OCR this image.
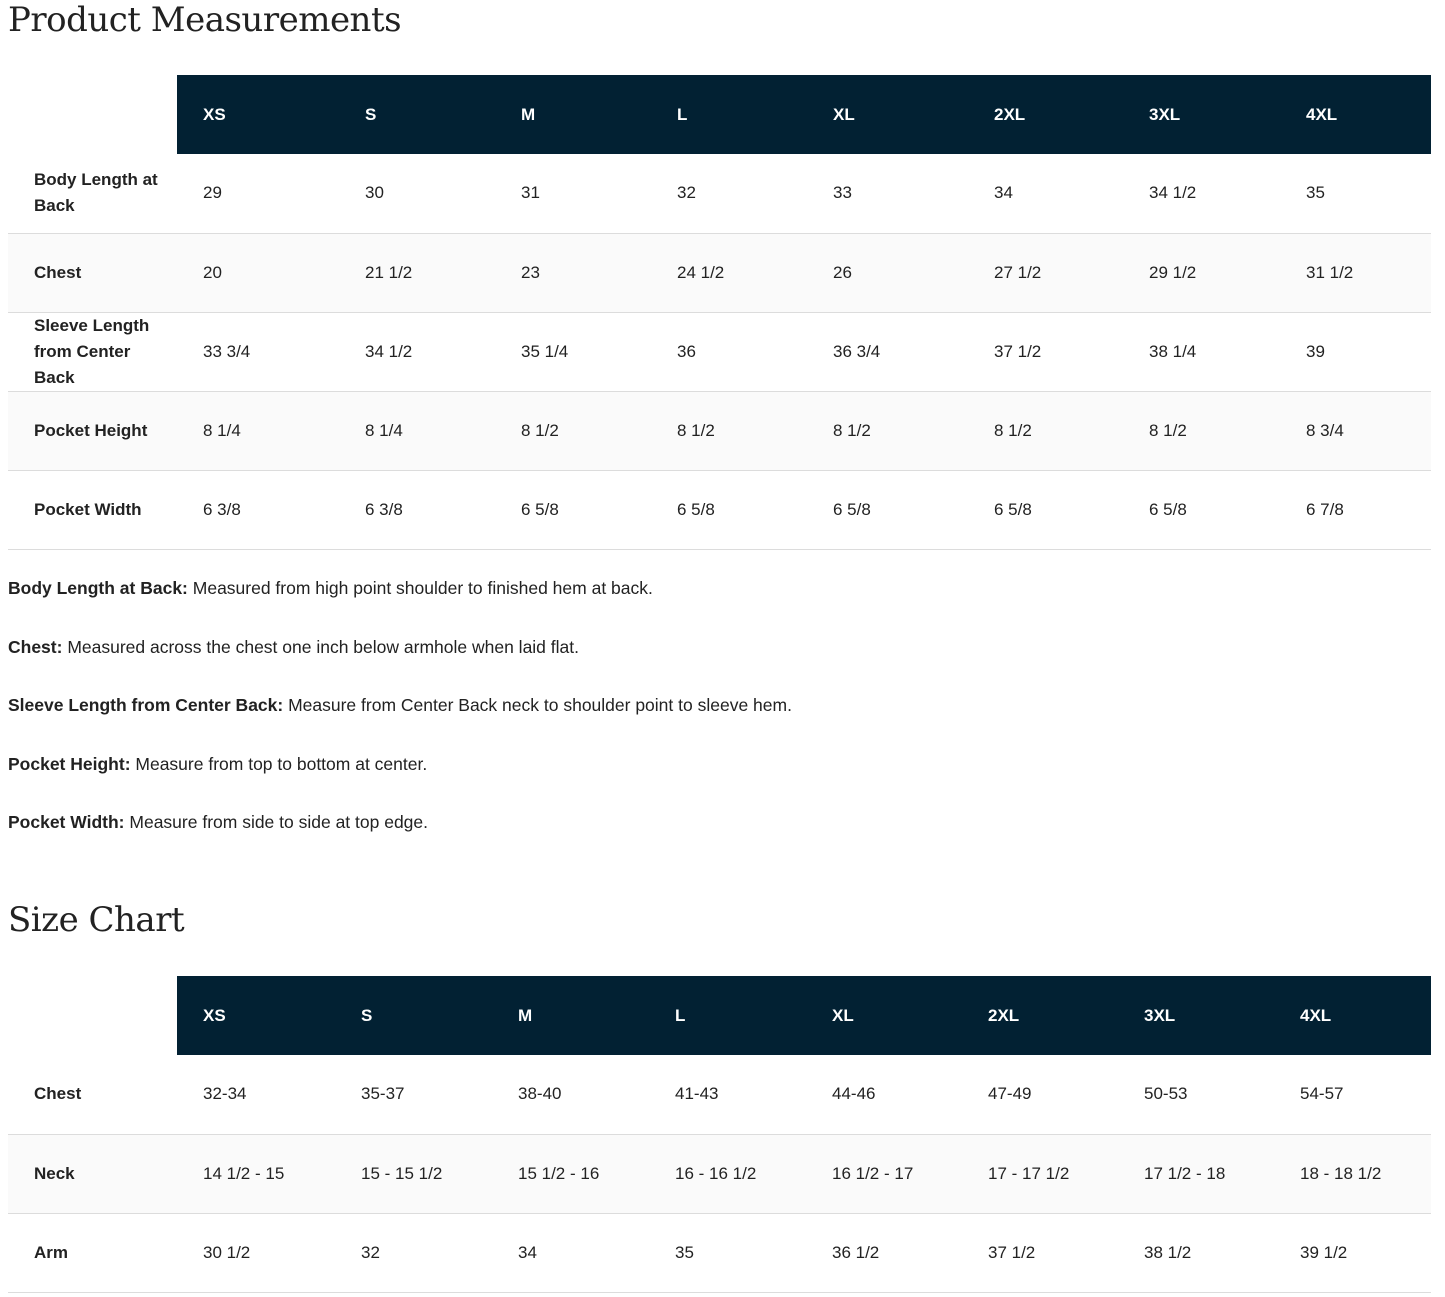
Product Measurements
	XS	S	M	L	XL	2XL	3XL	4XL
Body Length at Back	29	30	31	32	33	34	34 1/2	35
Chest	20	21 1/2	23	24 1/2	26	27 1/2	29 1/2	31 1/2
Sleeve Length from Center Back	33 3/4	34 1/2	35 1/4	36	36 3/4	37 1/2	38 1/4	39
Pocket Height	8 1/4	8 1/4	8 1/2	8 1/2	8 1/2	8 1/2	8 1/2	8 3/4
Pocket Width	6 3/8	6 3/8	6 5/8	6 5/8	6 5/8	6 5/8	6 5/8	6 7/8

Body Length at Back: Measured from high point shoulder to finished hem at back.

Chest: Measured across the chest one inch below armhole when laid flat.

Sleeve Length from Center Back: Measure from Center Back neck to shoulder point to sleeve hem.

Pocket Height: Measure from top to bottom at center.

Pocket Width: Measure from side to side at top edge.

Size Chart
	XS	S	M	L	XL	2XL	3XL	4XL
Chest	32-34	35-37	38-40	41-43	44-46	47-49	50-53	54-57
Neck	14 1/2 - 15	15 - 15 1/2	15 1/2 - 16	16 - 16 1/2	16 1/2 - 17	17 - 17 1/2	17 1/2 - 18	18 - 18 1/2
Arm	30 1/2	32	34	35	36 1/2	37 1/2	38 1/2	39 1/2
